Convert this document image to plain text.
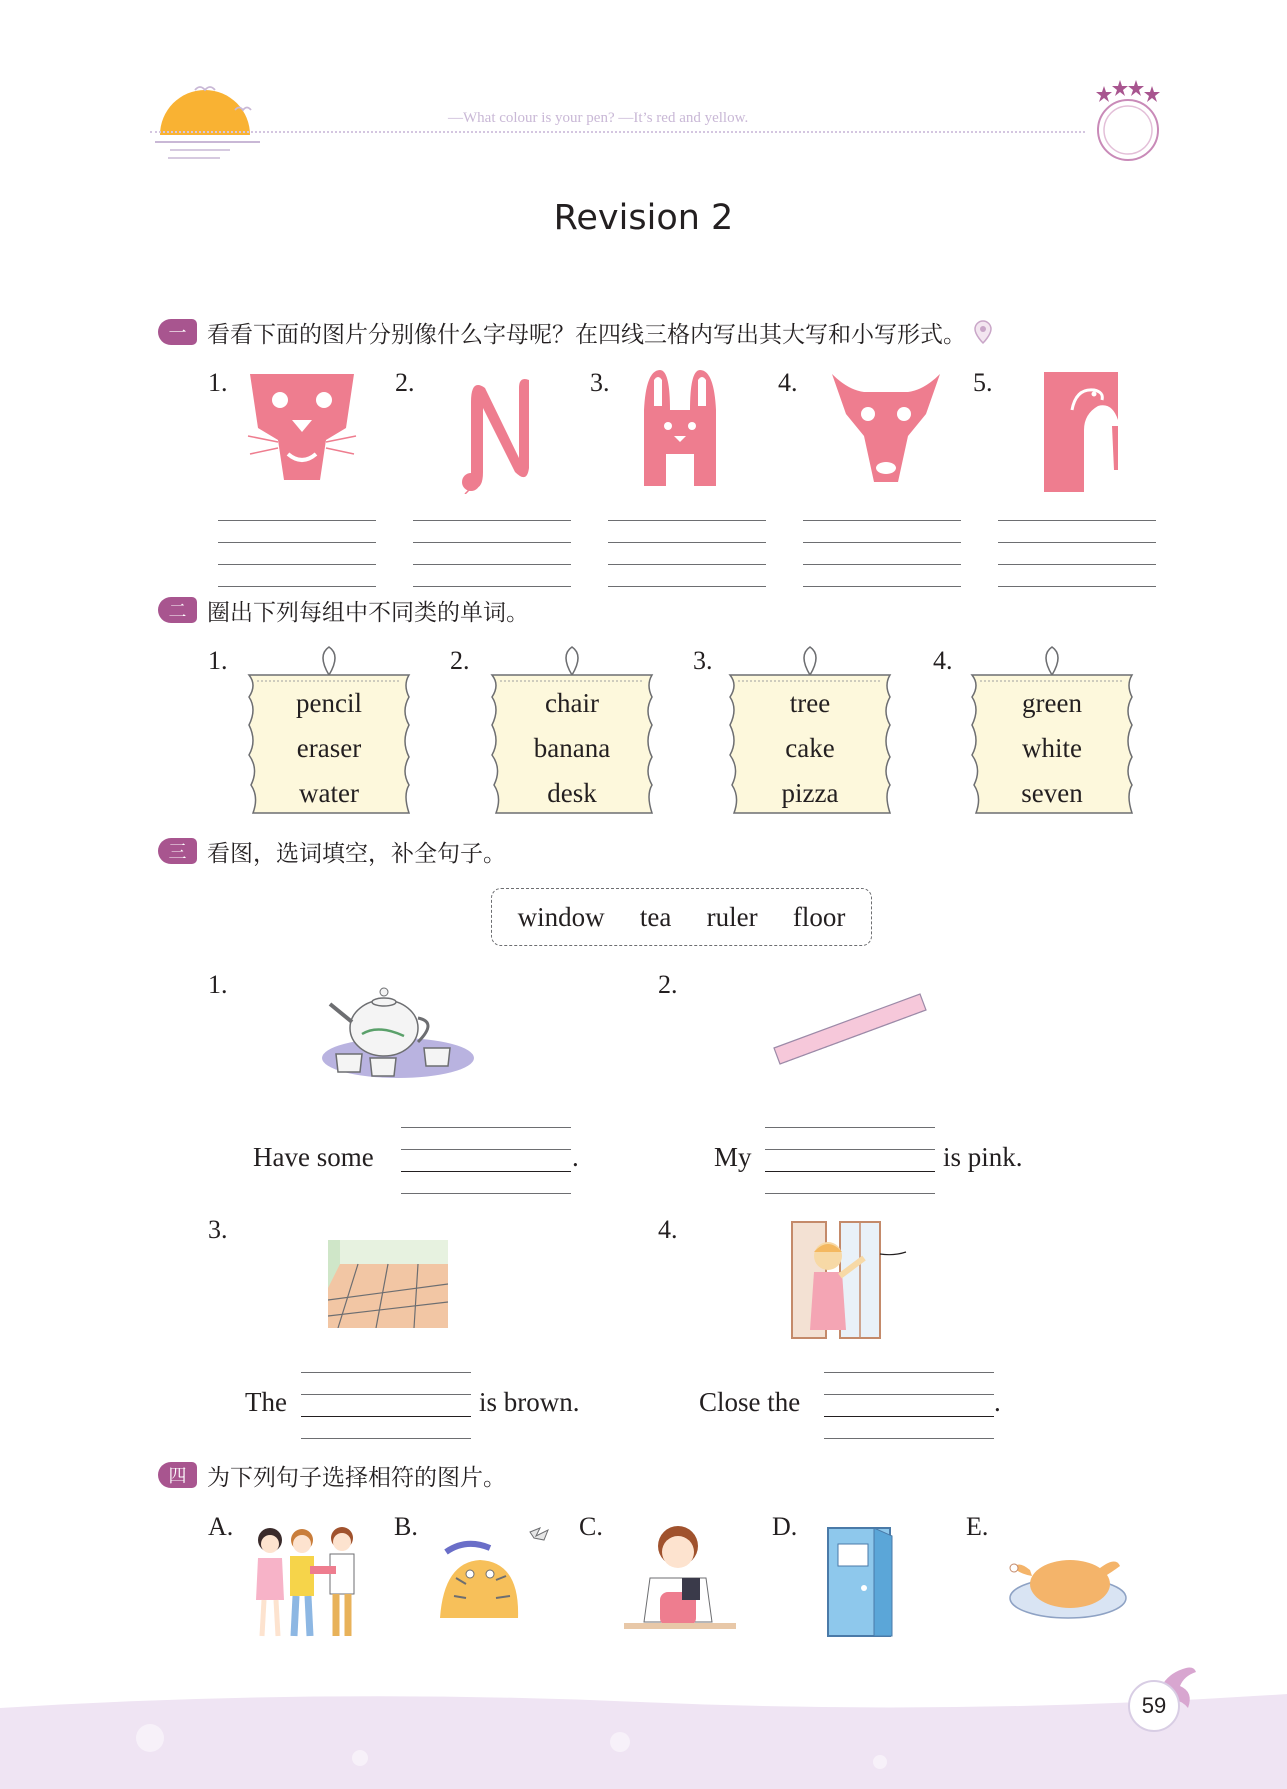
—What colour is your pen? —It’s red and yellow.
Revision 2
一 看看下面的图片分别像什么字母呢？在四线三格内写出其大写和小写形式。
1.	2.	3.	4.	5.
二 圈出下列每组中不同类的单词。
1.	2.	3.	4.
pencil
eraser
water
chair
banana
desk
tree
cake
pizza
green
white
seven
三 看图，选词填空，补全句子。
window tea ruler floor
1.	2.
3.	4.
Have some	.	My	is pink.
The	is brown.	Close the	.
四 为下列句子选择相符的图片。
A.	B.	C.	D.	E.
59
